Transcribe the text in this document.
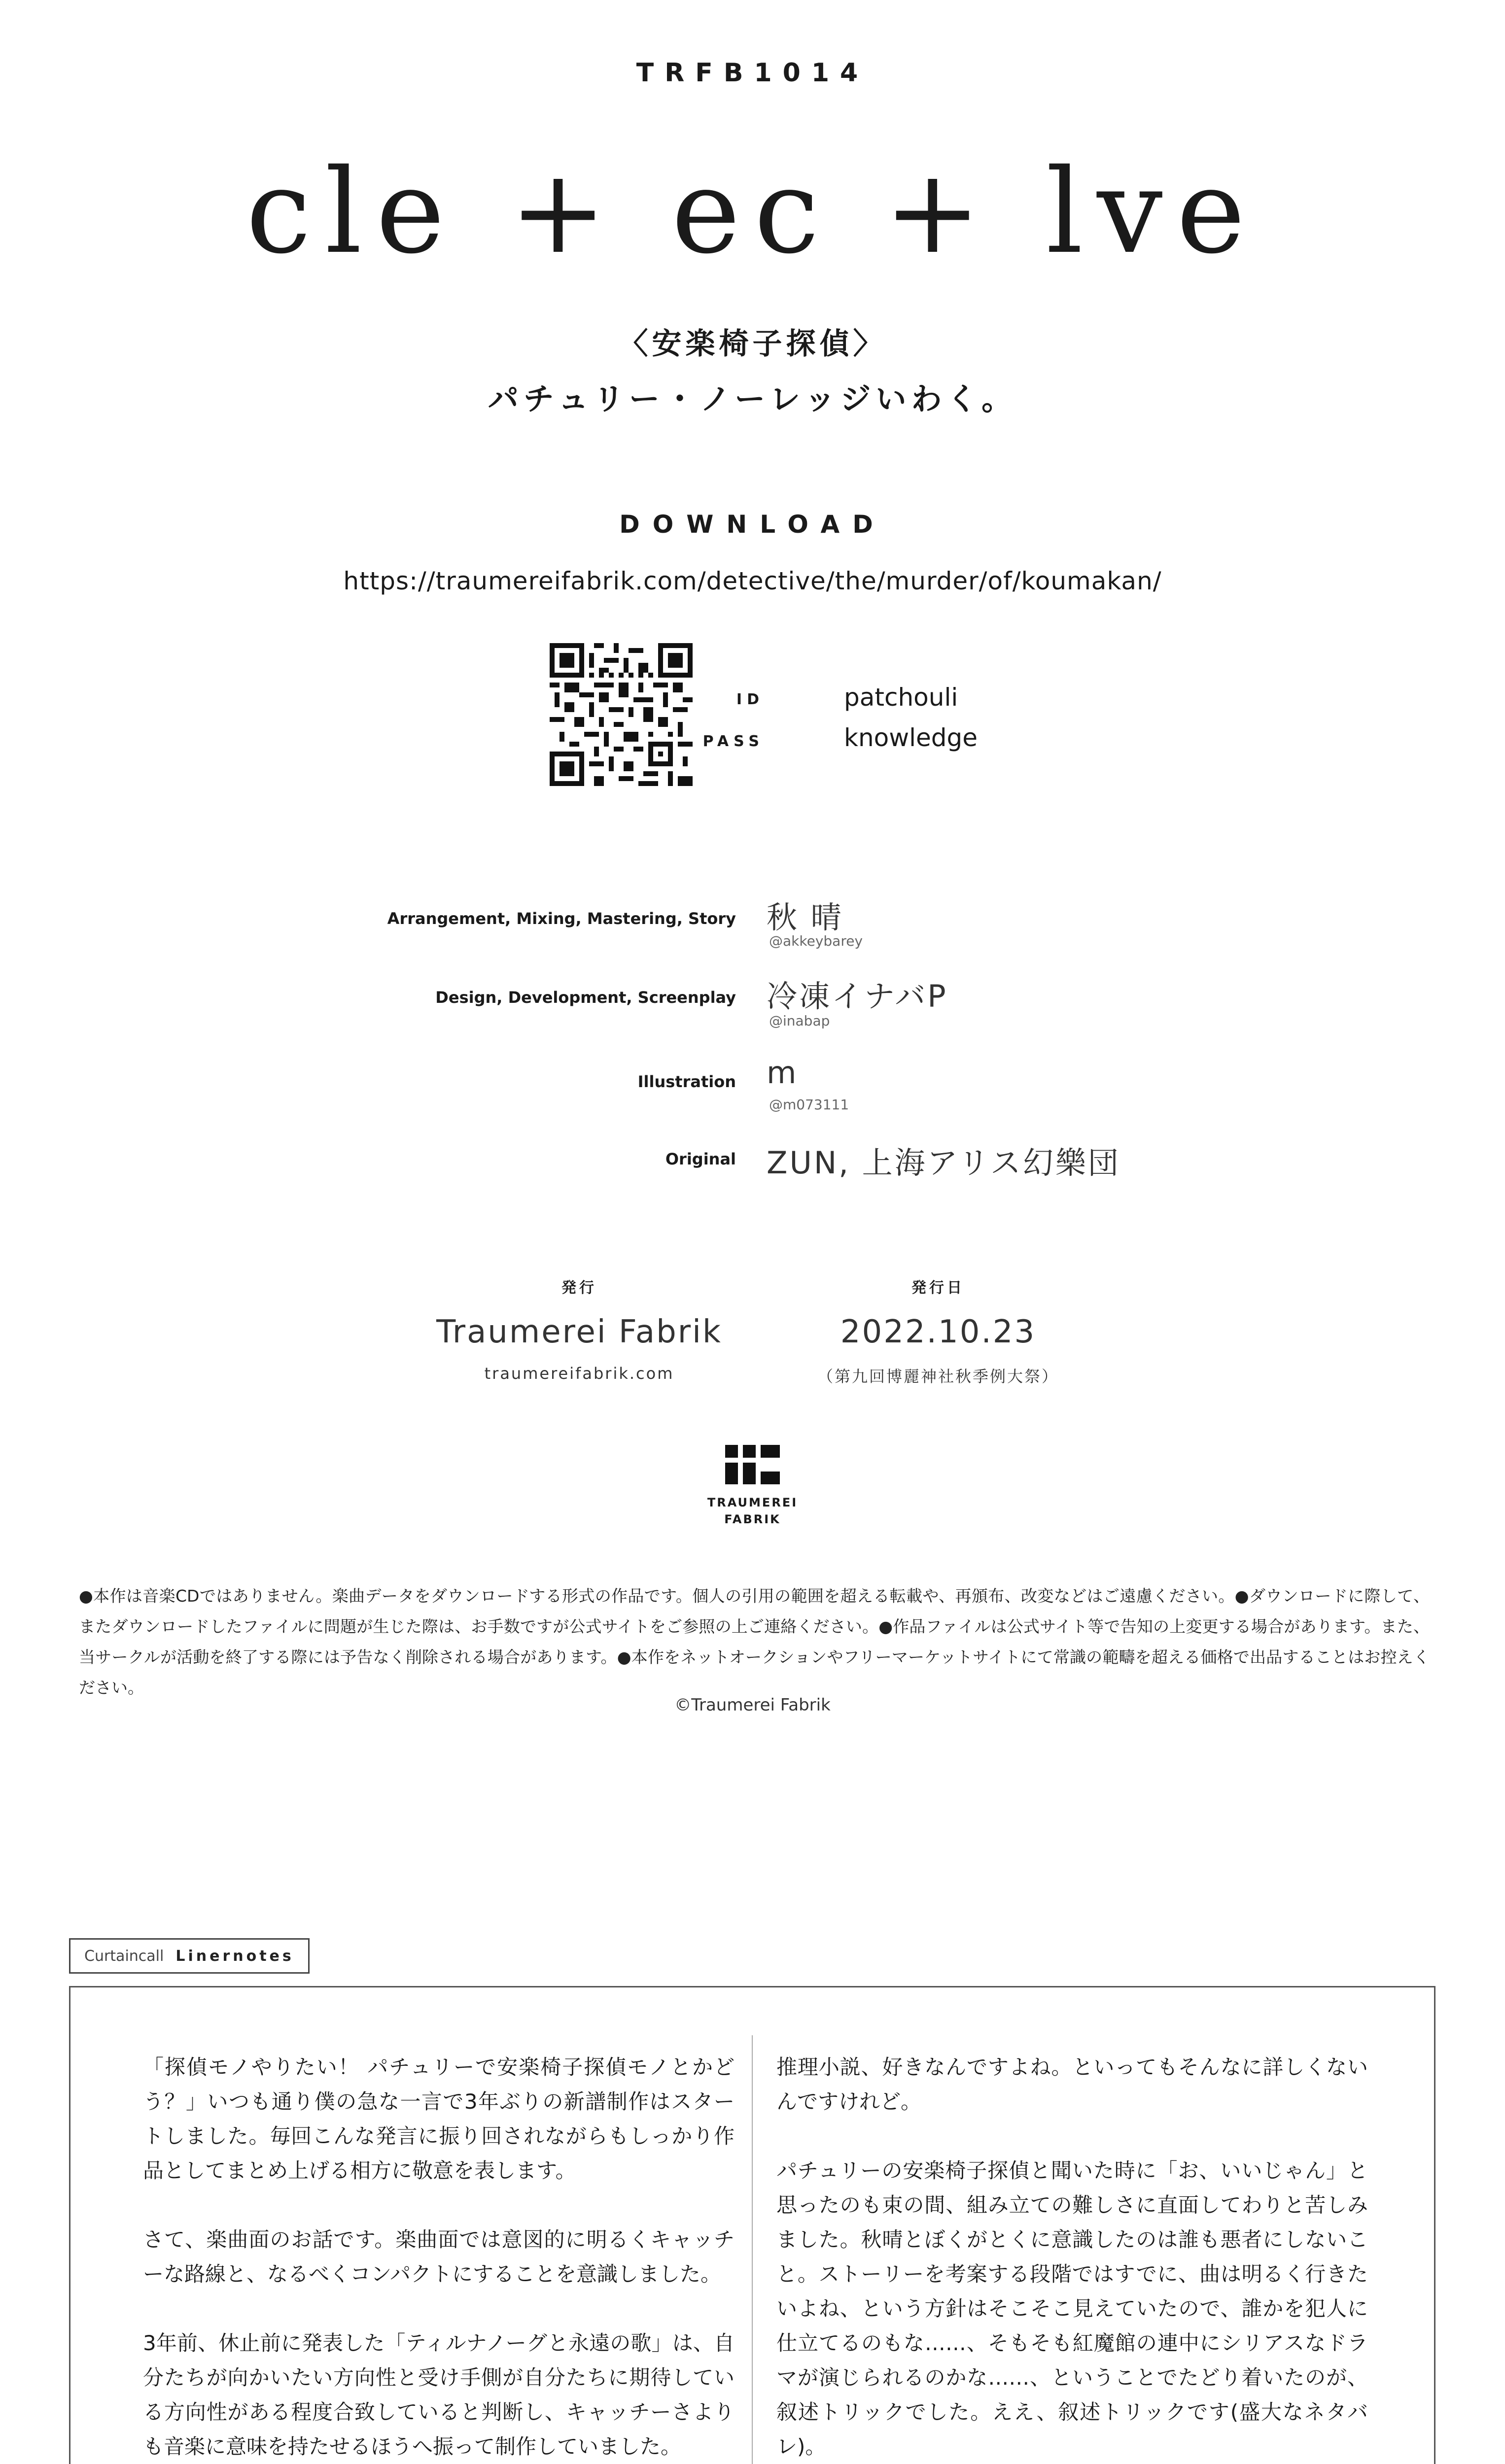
TRFB1014
cle + ec + lve
〈安楽椅子探偵〉
パチュリー・ノーレッジいわく。
DOWNLOAD
https://traumereifabrik.com/detective/the/murder/of/koumakan/
ID	patchouli
PASS	knowledge
Arrangement, Mixing, Mastering, Story 秋 晴
@akkeybarey
Design, Development, Screenplay 冷凍イナバP
@inabap
Illustration m
@m073111
Original ZUN, 上海アリス幻樂団
発行
Traumerei Fabrik
traumereifabrik.com
発行日
2022.10.23
（第九回博麗神社秋季例大祭）
TRAUMEREI
FABRIK
●本作は音楽CDではありません。楽曲データをダウンロードする形式の作品です。個人の引用の範囲を超える転載や、再頒布、改変などはご遠慮ください。●ダウンロードに際して、またダウンロードしたファイルに問題が生じた際は、お手数ですが公式サイトをご参照の上ご連絡ください。●作品ファイルは公式サイト等で告知の上変更する場合があります。また、当サークルが活動を終了する際には予告なく削除される場合があります。●本作をネットオークションやフリーマーケットサイトにて常識の範疇を超える価格で出品することはお控えください。
©Traumerei Fabrik
Curtaincall Linernotes

「探偵モノやりたい！ パチュリーで安楽椅子探偵モノとかどう？」いつも通り僕の急な一言で3年ぶりの新譜制作はスタートしました。毎回こんな発言に振り回されながらもしっかり作品としてまとめ上げる相方に敬意を表します。

さて、楽曲面のお話です。楽曲面では意図的に明るくキャッチーな路線と、なるべくコンパクトにすることを意識しました。

3年前、休止前に発表した「ティルナノーグと永遠の歌」は、自分たちが向かいたい方向性と受け手側が自分たちに期待している方向性がある程度合致していると判断し、キャッチーさよりも音楽に意味を持たせるほうへ振って制作していました。

推理小説、好きなんですよね。といってもそんなに詳しくないんですけれど。

パチュリーの安楽椅子探偵と聞いた時に「お、いいじゃん」と思ったのも束の間、組み立ての難しさに直面してわりと苦しみました。秋晴とぼくがとくに意識したのは誰も悪者にしないこと。ストーリーを考案する段階ではすでに、曲は明るく行きたいよね、という方針はそこそこ見えていたので、誰かを犯人に仕立てるのもな……、そもそも紅魔館の連中にシリアスなドラマが演じられるのかな……、ということでたどり着いたのが、叙述トリックでした。ええ、叙述トリックです(盛大なネタバレ)。
